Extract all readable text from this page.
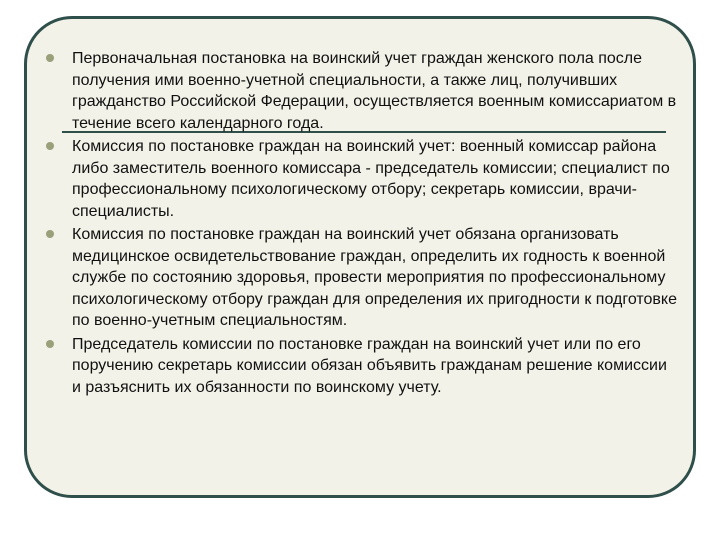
Первоначальная постановка на воинский учет граждан женского пола после получения ими военно-учетной специальности, а также лиц, получивших гражданство Российской Федерации, осуществляется военным комиссариатом в течение всего календарного года.
Комиссия по постановке граждан на воинский учет: военный комиссар района либо заместитель военного комиссара - председатель комиссии; специалист по профессиональному психологическому отбору; секретарь комиссии, врачи- специалисты.
Комиссия по постановке граждан на воинский учет обязана организовать медицинское освидетельствование граждан, определить их годность к военной службе по состоянию здоровья, провести мероприятия по профессиональному психологическому отбору граждан для определения их пригодности к подготовке по военно-учетным специальностям.
Председатель комиссии по постановке граждан на воинский учет или по его поручению секретарь комиссии обязан объявить гражданам решение комиссии и разъяснить их обязанности по воинскому учету.
